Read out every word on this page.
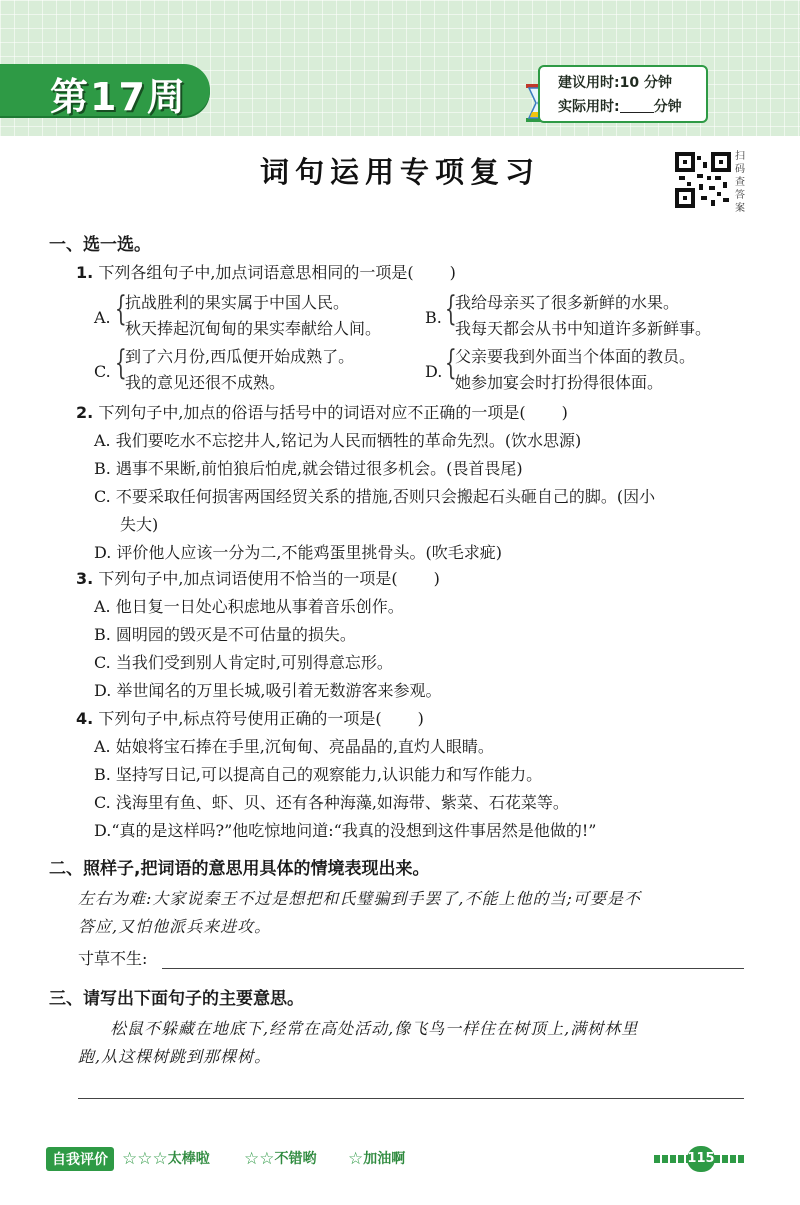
第17周	建议用时:10 分钟
实际用时: 分钟
词句运用专项复习	扫码查答案
一、选一选。
1. 下列各组句子中,加点词语意思相同的一项是( )
A. {
抗战胜利的果实属于中国人民。
秋天捧起沉甸甸的果实奉献给人间。
B. {
我给母亲买了很多新鲜的水果。
我每天都会从书中知道许多新鲜事。
C. {
到了六月份,西瓜便开始成熟了。
我的意见还很不成熟。
D. {
父亲要我到外面当个体面的教员。
她参加宴会时打扮得很体面。
2. 下列句子中,加点的俗语与括号中的词语对应不正确的一项是( )
A. 我们要吃水不忘挖井人,铭记为人民而牺牲的革命先烈。(饮水思源)
B. 遇事不果断,前怕狼后怕虎,就会错过很多机会。(畏首畏尾)
C. 不要采取任何损害两国经贸关系的措施,否则只会搬起石头砸自己的脚。(因小
失大)
D. 评价他人应该一分为二,不能鸡蛋里挑骨头。(吹毛求疵)
3. 下列句子中,加点词语使用不恰当的一项是( )
A. 他日复一日处心积虑地从事着音乐创作。
B. 圆明园的毁灭是不可估量的损失。
C. 当我们受到别人肯定时,可别得意忘形。
D. 举世闻名的万里长城,吸引着无数游客来参观。
4. 下列句子中,标点符号使用正确的一项是( )
A. 姑娘将宝石捧在手里,沉甸甸、亮晶晶的,直灼人眼睛。
B. 坚持写日记,可以提高自己的观察能力,认识能力和写作能力。
C. 浅海里有鱼、虾、贝、还有各种海藻,如海带、紫菜、石花菜等。
D.“真的是这样吗?”他吃惊地问道:“我真的没想到这件事居然是他做的!”
二、照样子,把词语的意思用具体的情境表现出来。
左右为难:大家说秦王不过是想把和氏璧骗到手罢了,不能上他的当;可要是不
答应,又怕他派兵来进攻。
寸草不生:
三、请写出下面句子的主要意思。
松鼠不躲藏在地底下,经常在高处活动,像飞鸟一样住在树顶上,满树林里
跑,从这棵树跳到那棵树。
自我评价 ☆☆☆太棒啦 ☆☆不错哟 ☆加油啊	115
